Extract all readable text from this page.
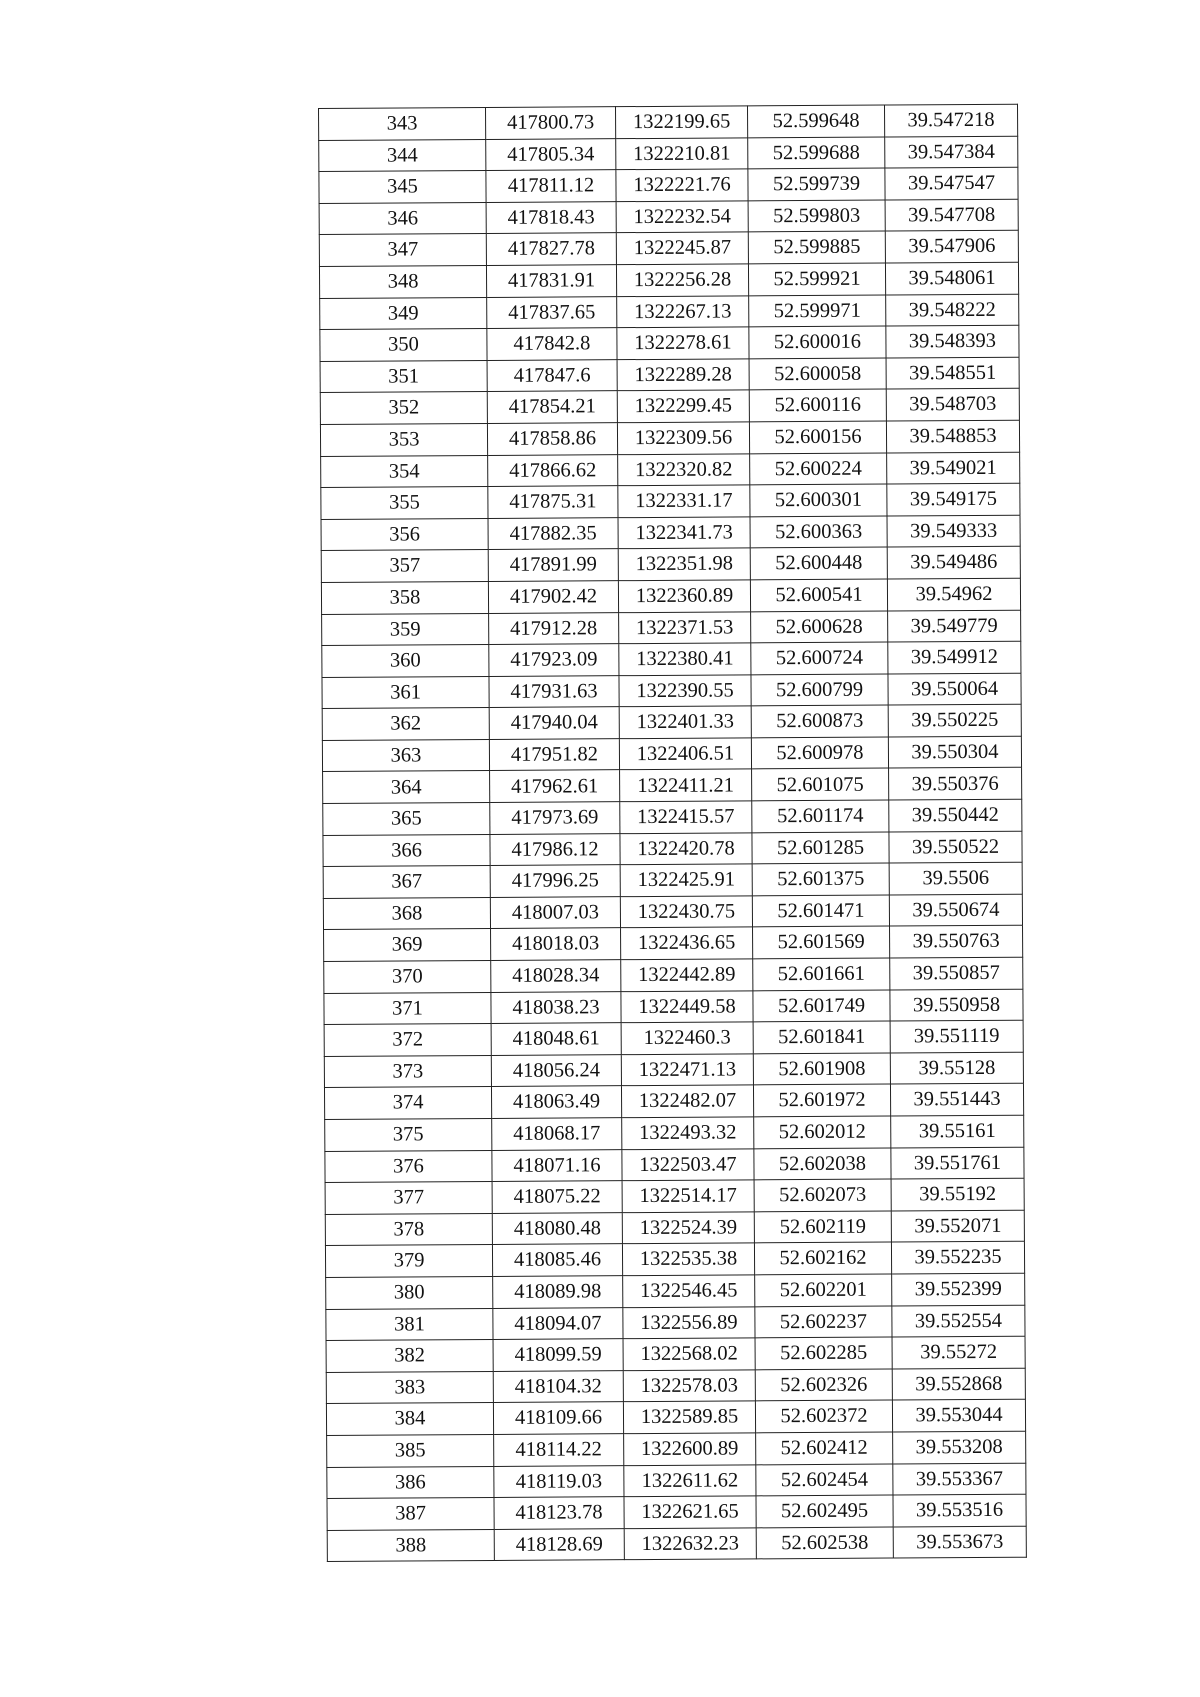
343	417800.73	1322199.65	52.599648	39.547218
344	417805.34	1322210.81	52.599688	39.547384
345	417811.12	1322221.76	52.599739	39.547547
346	417818.43	1322232.54	52.599803	39.547708
347	417827.78	1322245.87	52.599885	39.547906
348	417831.91	1322256.28	52.599921	39.548061
349	417837.65	1322267.13	52.599971	39.548222
350	417842.8	1322278.61	52.600016	39.548393
351	417847.6	1322289.28	52.600058	39.548551
352	417854.21	1322299.45	52.600116	39.548703
353	417858.86	1322309.56	52.600156	39.548853
354	417866.62	1322320.82	52.600224	39.549021
355	417875.31	1322331.17	52.600301	39.549175
356	417882.35	1322341.73	52.600363	39.549333
357	417891.99	1322351.98	52.600448	39.549486
358	417902.42	1322360.89	52.600541	39.54962
359	417912.28	1322371.53	52.600628	39.549779
360	417923.09	1322380.41	52.600724	39.549912
361	417931.63	1322390.55	52.600799	39.550064
362	417940.04	1322401.33	52.600873	39.550225
363	417951.82	1322406.51	52.600978	39.550304
364	417962.61	1322411.21	52.601075	39.550376
365	417973.69	1322415.57	52.601174	39.550442
366	417986.12	1322420.78	52.601285	39.550522
367	417996.25	1322425.91	52.601375	39.5506
368	418007.03	1322430.75	52.601471	39.550674
369	418018.03	1322436.65	52.601569	39.550763
370	418028.34	1322442.89	52.601661	39.550857
371	418038.23	1322449.58	52.601749	39.550958
372	418048.61	1322460.3	52.601841	39.551119
373	418056.24	1322471.13	52.601908	39.55128
374	418063.49	1322482.07	52.601972	39.551443
375	418068.17	1322493.32	52.602012	39.55161
376	418071.16	1322503.47	52.602038	39.551761
377	418075.22	1322514.17	52.602073	39.55192
378	418080.48	1322524.39	52.602119	39.552071
379	418085.46	1322535.38	52.602162	39.552235
380	418089.98	1322546.45	52.602201	39.552399
381	418094.07	1322556.89	52.602237	39.552554
382	418099.59	1322568.02	52.602285	39.55272
383	418104.32	1322578.03	52.602326	39.552868
384	418109.66	1322589.85	52.602372	39.553044
385	418114.22	1322600.89	52.602412	39.553208
386	418119.03	1322611.62	52.602454	39.553367
387	418123.78	1322621.65	52.602495	39.553516
388	418128.69	1322632.23	52.602538	39.553673
